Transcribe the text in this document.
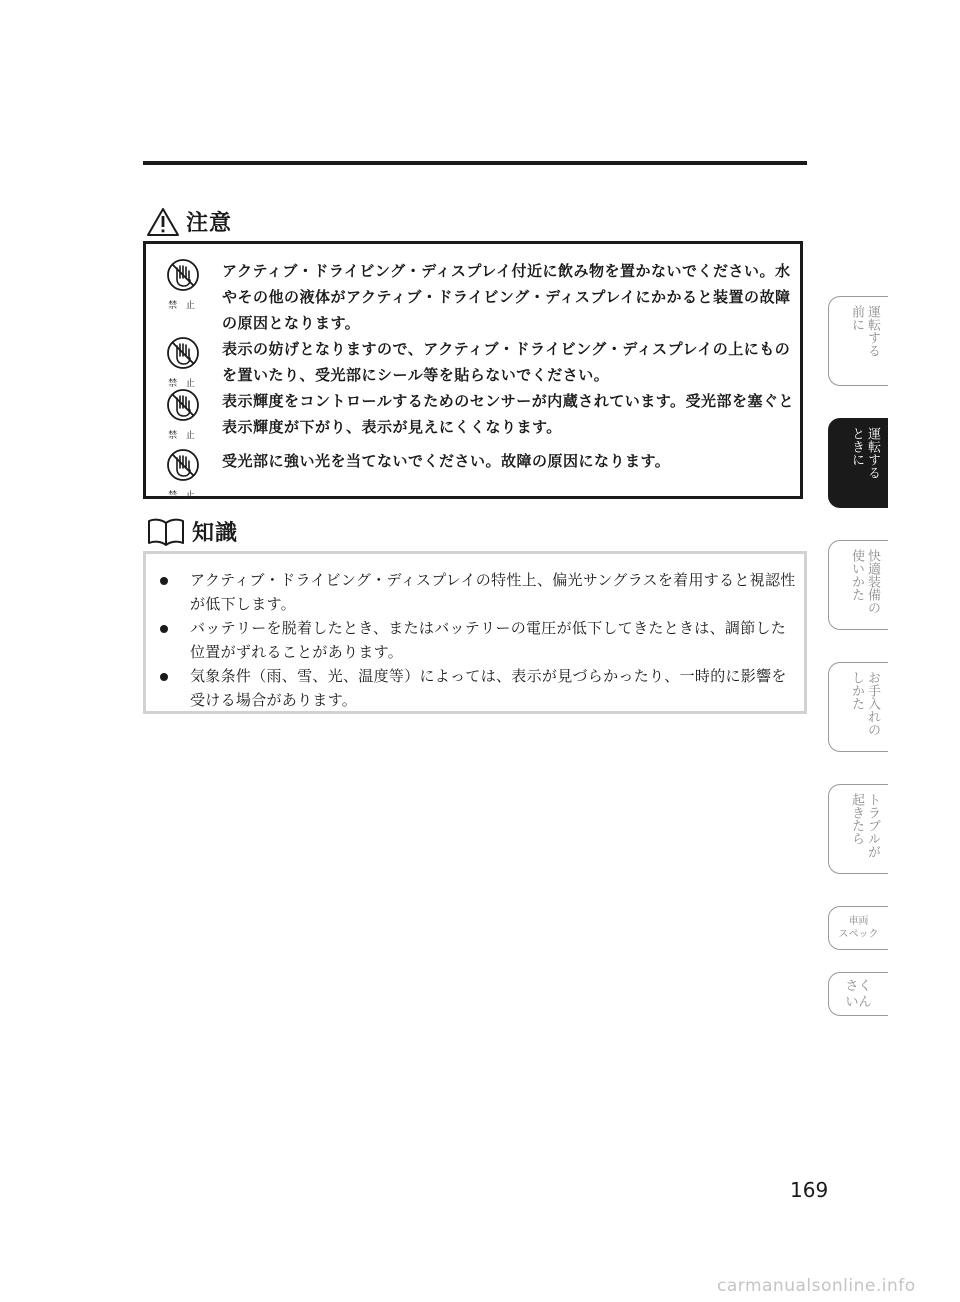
注意
禁 止
アクティブ・ドライビング・ディスプレイ付近に飲み物を置かないでください。水やその他の液体がアクティブ・ドライビング・ディスプレイにかかると装置の故障の原因となります。
禁 止
表示の妨げとなりますので、アクティブ・ドライビング・ディスプレイの上にものを置いたり、受光部にシール等を貼らないでください。
禁 止
表示輝度をコントロールするためのセンサーが内蔵されています。受光部を塞ぐと表示輝度が下がり、表示が見えにくくなります。
禁 止
受光部に強い光を当てないでください。故障の原因になります。
知識
アクティブ・ドライビング・ディスプレイの特性上、偏光サングラスを着用すると視認性が低下します。
バッテリーを脱着したとき、またはバッテリーの電圧が低下してきたときは、調節した位置がずれることがあります。
気象条件（雨、雪、光、温度等）によっては、表示が見づらかったり、一時的に影響を受ける場合があります。
運転する
前に
運転する
ときに
快適装備の
使いかた
お手入れの
しかた
トラブルが
起きたら
車両
スペック
さく
いん
169
carmanualsonline.info
